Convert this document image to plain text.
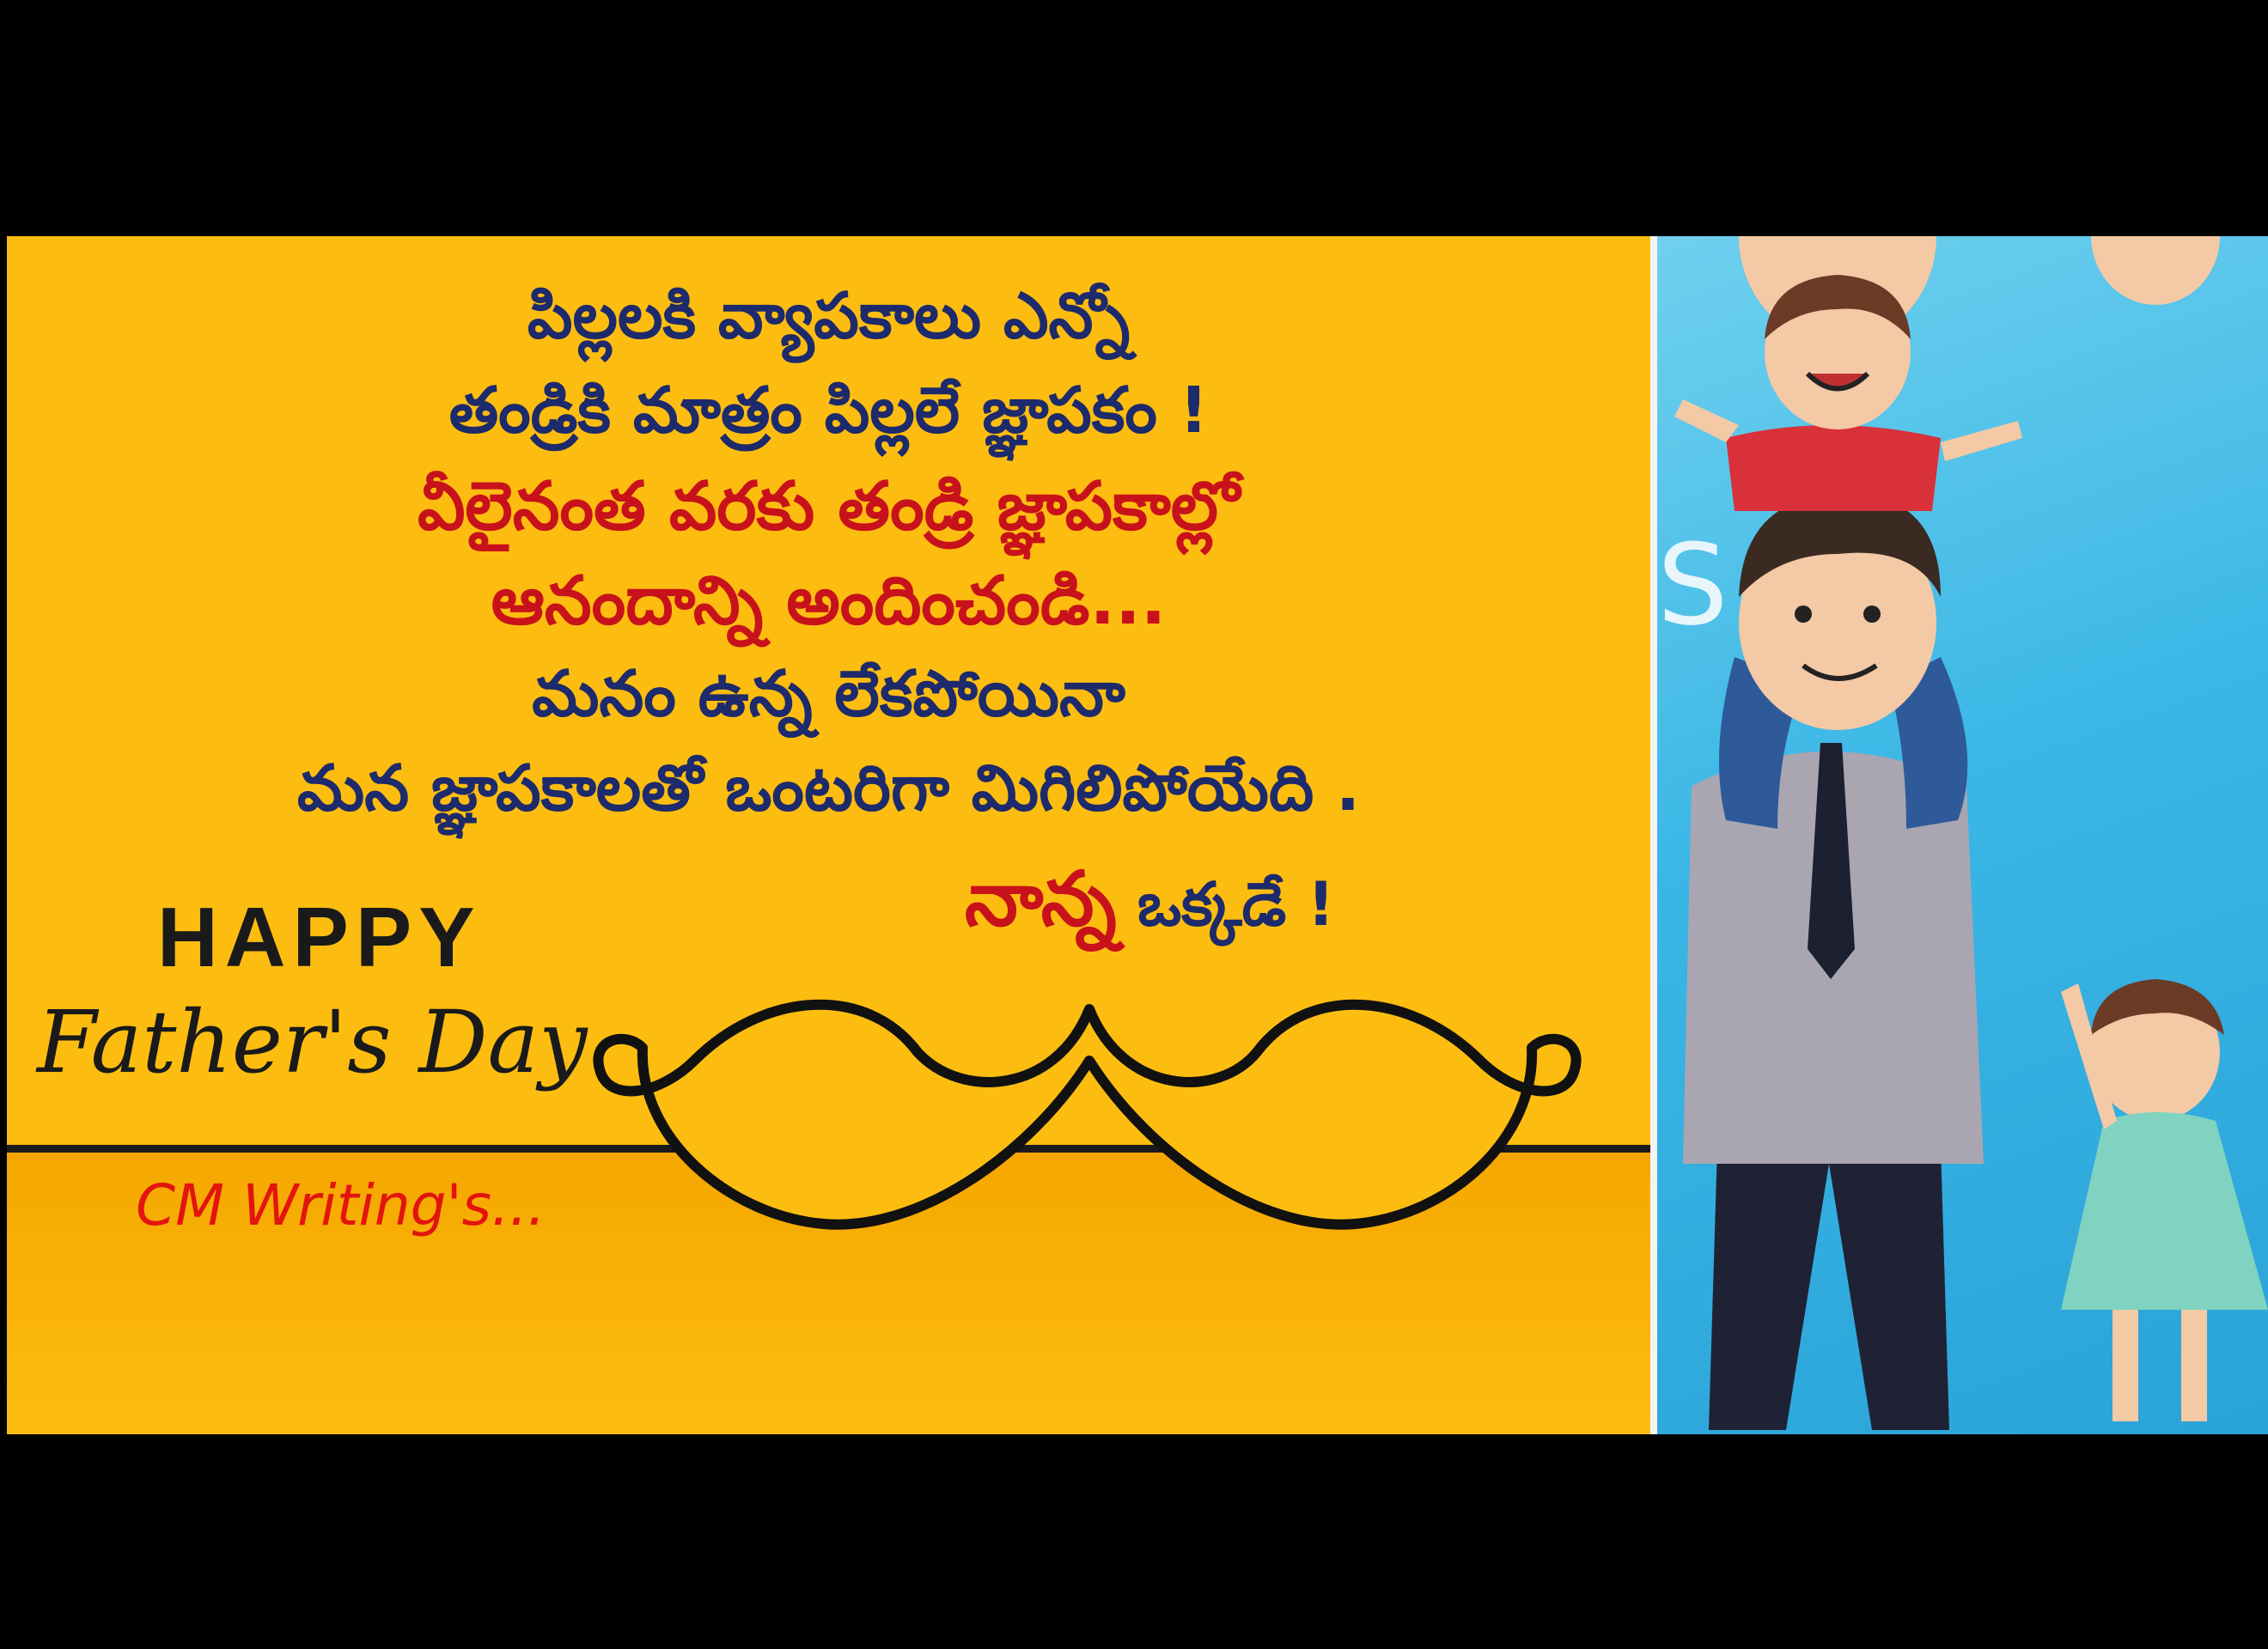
పిల్లలకి వ్యాపకాలు ఎన్నో
తండ్రికి మాత్రం పిల్లలే జ్ఞాపకం !
వీలైనంత వరకు తండ్రి జ్ఞాపకాల్లో
ఆనందాన్ని అందించండి...
మనం ఉన్న లేకపోయినా
మన జ్ఞాపకాలతో ఒంటరిగా మిగిలిపోయేది .
నాన్న ఒక్కడే !
HAPPY
Father's Day
CM Writing's...
S
